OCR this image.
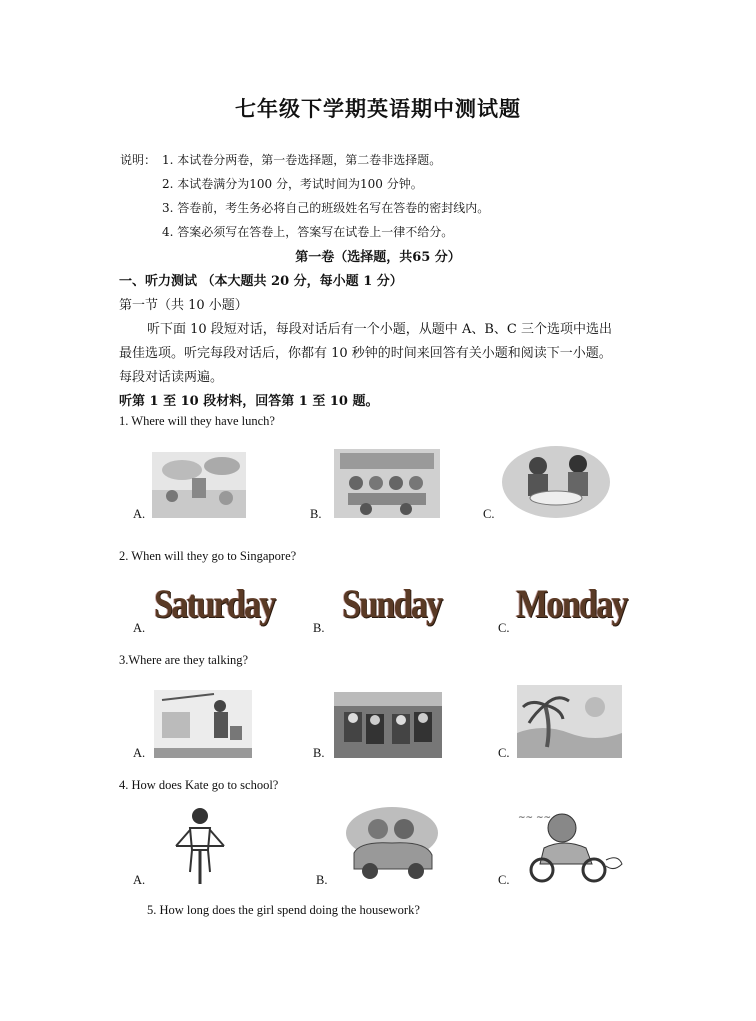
七年级下学期英语期中测试题
说明： 1. 本试卷分两卷，第一卷选择题，第二卷非选择题。
2. 本试卷满分为100 分，考试时间为100 分钟。
3. 答卷前，考生务必将自己的班级姓名写在答卷的密封线内。
4. 答案必须写在答卷上，答案写在试卷上一律不给分。
第一卷（选择题，共65 分）
一、听力测试 （本大题共 20 分，每小题 1 分）
第一节（共 10 小题）
听下面 10 段短对话，每段对话后有一个小题，从题中 A、B、C 三个选项中选出
最佳选项。听完每段对话后，你都有 10 秒钟的时间来回答有关小题和阅读下一小题。
每段对话读两遍。
听第 1 至 10 段材料，回答第 1 至 10 题。
1. Where will they have lunch?
A.	B.	C.
2. When will they go to Singapore?
A.
Saturday
B.
Sunday
C.
Monday
3.Where are they talking?
A.	B.	C.
4. How does Kate go to school?
A.	B.	C.
~~ ~~
5. How long does the girl spend doing the housework?
